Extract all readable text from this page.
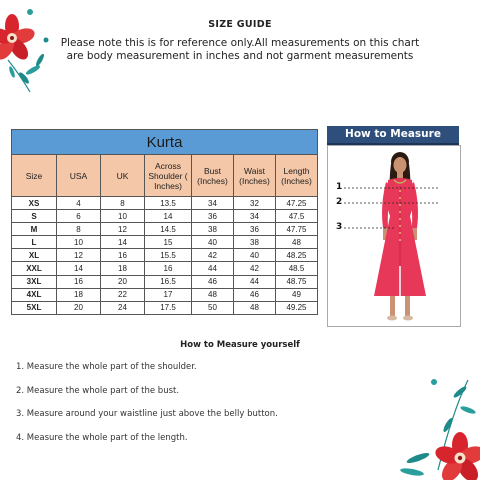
SIZE GUIDE
Please note this is for reference only.All measurements on this chart are body measurement in inches and not garment measurements
Kurta						
Size	USA	UK	Across Shoulder ( Inches)	Bust (Inches)	Waist (Inches)	Length (Inches)
XS	4	8	13.5	34	32	47.25
S	6	10	14	36	34	47.5
M	8	12	14.5	38	36	47.75
L	10	14	15	40	38	48
XL	12	16	15.5	42	40	48.25
XXL	14	18	16	44	42	48.5
3XL	16	20	16.5	46	44	48.75
4XL	18	22	17	48	46	49
5XL	20	24	17.5	50	48	49.25
How to Measure
1
2
3
How to Measure yourself
1. Measure the whole part of the shoulder.
2. Measure the whole part of the bust.
3. Measure around your waistline just above the belly button.
4. Measure the whole part of the length.
